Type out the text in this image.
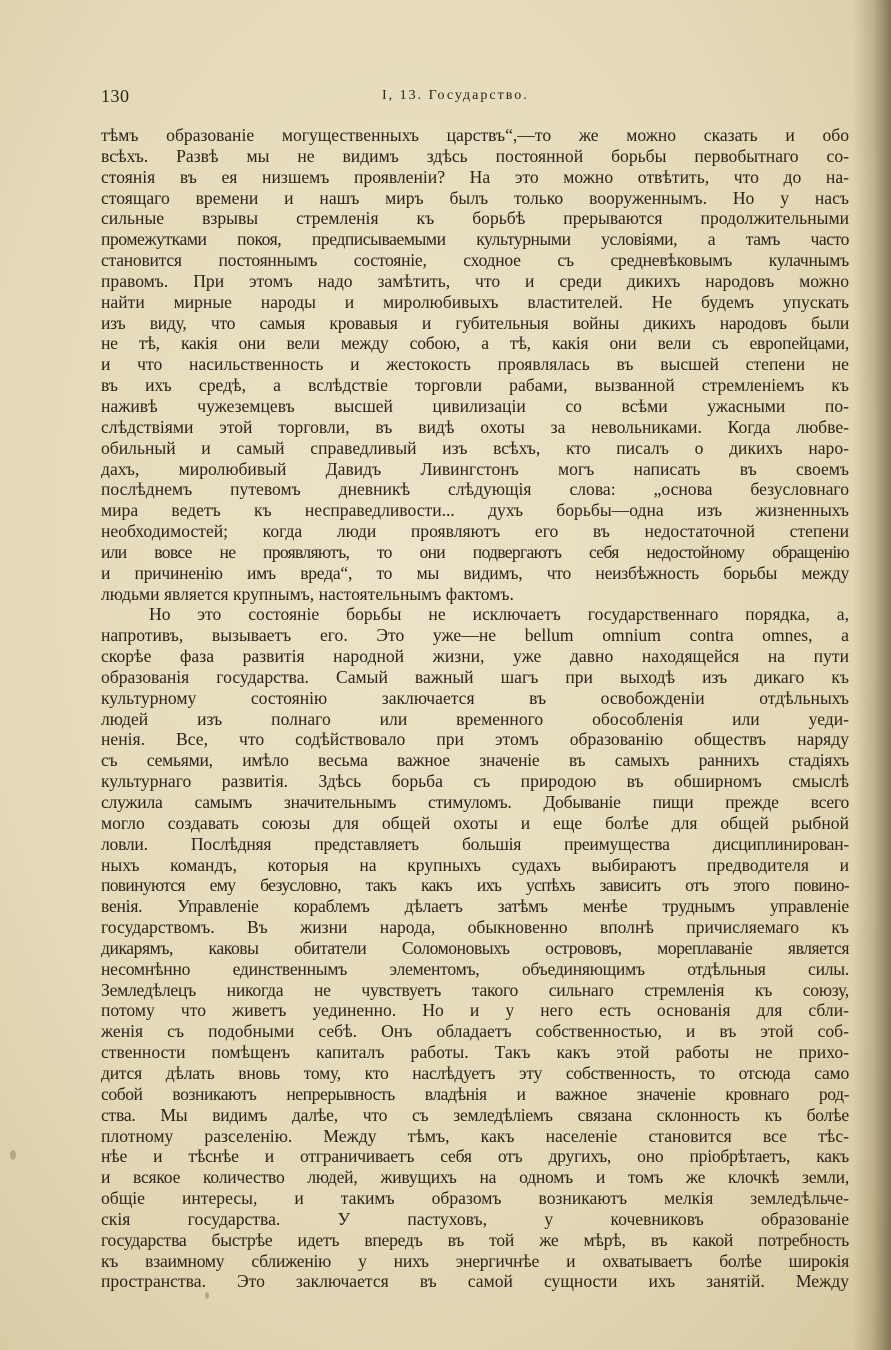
130	I, 13. Государство.
тѣмъ образованіе могущественныхъ царствъ“,—то же можно сказать и обо
всѣхъ. Развѣ мы не видимъ здѣсь постоянной борьбы первобытнаго со-
стоянія въ ея низшемъ проявленіи? На это можно отвѣтить, что до на-
стоящаго времени и нашъ миръ былъ только вооруженнымъ. Но у насъ
сильные взрывы стремленія къ борьбѣ прерываются продолжительными
промежутками покоя, предписываемыми культурными условіями, а тамъ часто
становится постояннымъ состояніе, сходное съ средневѣковымъ кулачнымъ
правомъ. При этомъ надо замѣтить, что и среди дикихъ народовъ можно
найти мирные народы и миролюбивыхъ властителей. Не будемъ упускать
изъ виду, что самыя кровавыя и губительныя войны дикихъ народовъ были
не тѣ, какія они вели между собою, а тѣ, какія они вели съ европейцами,
и что насильственность и жестокость проявлялась въ высшей степени не
въ ихъ средѣ, а вслѣдствіе торговли рабами, вызванной стремленіемъ къ
наживѣ чужеземцевъ высшей цивилизаціи со всѣми ужасными по-
слѣдствіями этой торговли, въ видѣ охоты за невольниками. Когда любве-
обильный и самый справедливый изъ всѣхъ, кто писалъ о дикихъ наро-
дахъ, миролюбивый Давидъ Ливингстонъ могъ написать въ своемъ
послѣднемъ путевомъ дневникѣ слѣдующія слова: „основа безусловнаго
мира ведетъ къ несправедливости... духъ борьбы—одна изъ жизненныхъ
необходимостей; когда люди проявляютъ его въ недостаточной степени
или вовсе не проявляютъ, то они подвергаютъ себя недостойному обращенію
и причиненію имъ вреда“, то мы видимъ, что неизбѣжность борьбы между
людьми является крупнымъ, настоятельнымъ фактомъ.
Но это состояніе борьбы не исключаетъ государственнаго порядка, а,
напротивъ, вызываетъ его. Это уже—не bellum omnium contra omnes, а
скорѣе фаза развитія народной жизни, уже давно находящейся на пути
образованія государства. Самый важный шагъ при выходѣ изъ дикаго къ
культурному состоянію заключается въ освобожденіи отдѣльныхъ
людей изъ полнаго или временного обособленія или уеди-
ненія. Все, что содѣйствовало при этомъ образованію обществъ наряду
съ семьями, имѣло весьма важное значеніе въ самыхъ раннихъ стадіяхъ
культурнаго развитія. Здѣсь борьба съ природою въ обширномъ смыслѣ
служила самымъ значительнымъ стимуломъ. Добываніе пищи прежде всего
могло создавать союзы для общей охоты и еще болѣе для общей рыбной
ловли. Послѣдняя представляетъ большія преимущества дисциплинирован-
ныхъ командъ, которыя на крупныхъ судахъ выбираютъ предводителя и
повинуются ему безусловно, такъ какъ ихъ успѣхъ зависитъ отъ этого повино-
венія. Управленіе кораблемъ дѣлаетъ затѣмъ менѣе труднымъ управленіе
государствомъ. Въ жизни народа, обыкновенно вполнѣ причисляемаго къ
дикарямъ, каковы обитатели Соломоновыхъ острововъ, мореплаваніе является
несомнѣнно единственнымъ элементомъ, объединяющимъ отдѣльныя силы.
Земледѣлецъ никогда не чувствуетъ такого сильнаго стремленія къ союзу,
потому что живетъ уединенно. Но и у него есть основанія для сбли-
женія съ подобными себѣ. Онъ обладаетъ собственностью, и въ этой соб-
ственности помѣщенъ капиталъ работы. Такъ какъ этой работы не прихо-
дится дѣлать вновь тому, кто наслѣдуетъ эту собственность, то отсюда само
собой возникаютъ непрерывность владѣнія и важное значеніе кровнаго род-
ства. Мы видимъ далѣе, что съ земледѣліемъ связана склонность къ болѣе
плотному разселенію. Между тѣмъ, какъ населеніе становится все тѣс-
нѣе и тѣснѣе и отграничиваетъ себя отъ другихъ, оно пріобрѣтаетъ, какъ
и всякое количество людей, живущихъ на одномъ и томъ же клочкѣ земли,
общіе интересы, и такимъ образомъ возникаютъ мелкія земледѣльче-
скія государства. У пастуховъ, у кочевниковъ образованіе
государства быстрѣе идетъ впередъ въ той же мѣрѣ, въ какой потребность
къ взаимному сближенію у нихъ энергичнѣе и охватываетъ болѣе широкія
пространства. Это заключается въ самой сущности ихъ занятій. Между
